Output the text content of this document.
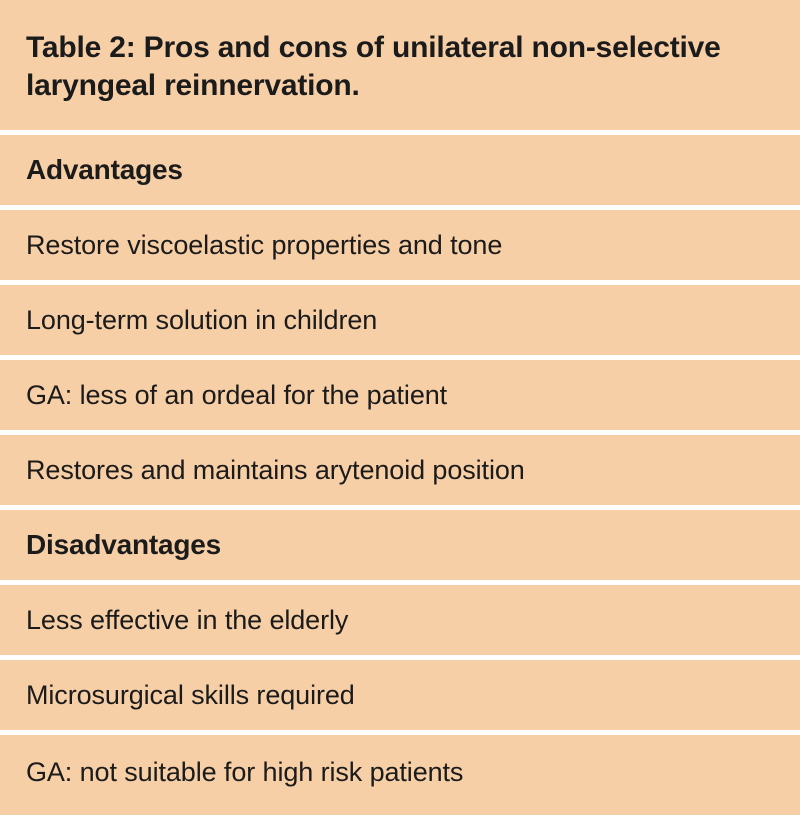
Table 2: Pros and cons of unilateral non-selective laryngeal reinnervation.
Advantages
Restore viscoelastic properties and tone
Long-term solution in children
GA: less of an ordeal for the patient
Restores and maintains arytenoid position
Disadvantages
Less effective in the elderly
Microsurgical skills required
GA: not suitable for high risk patients
